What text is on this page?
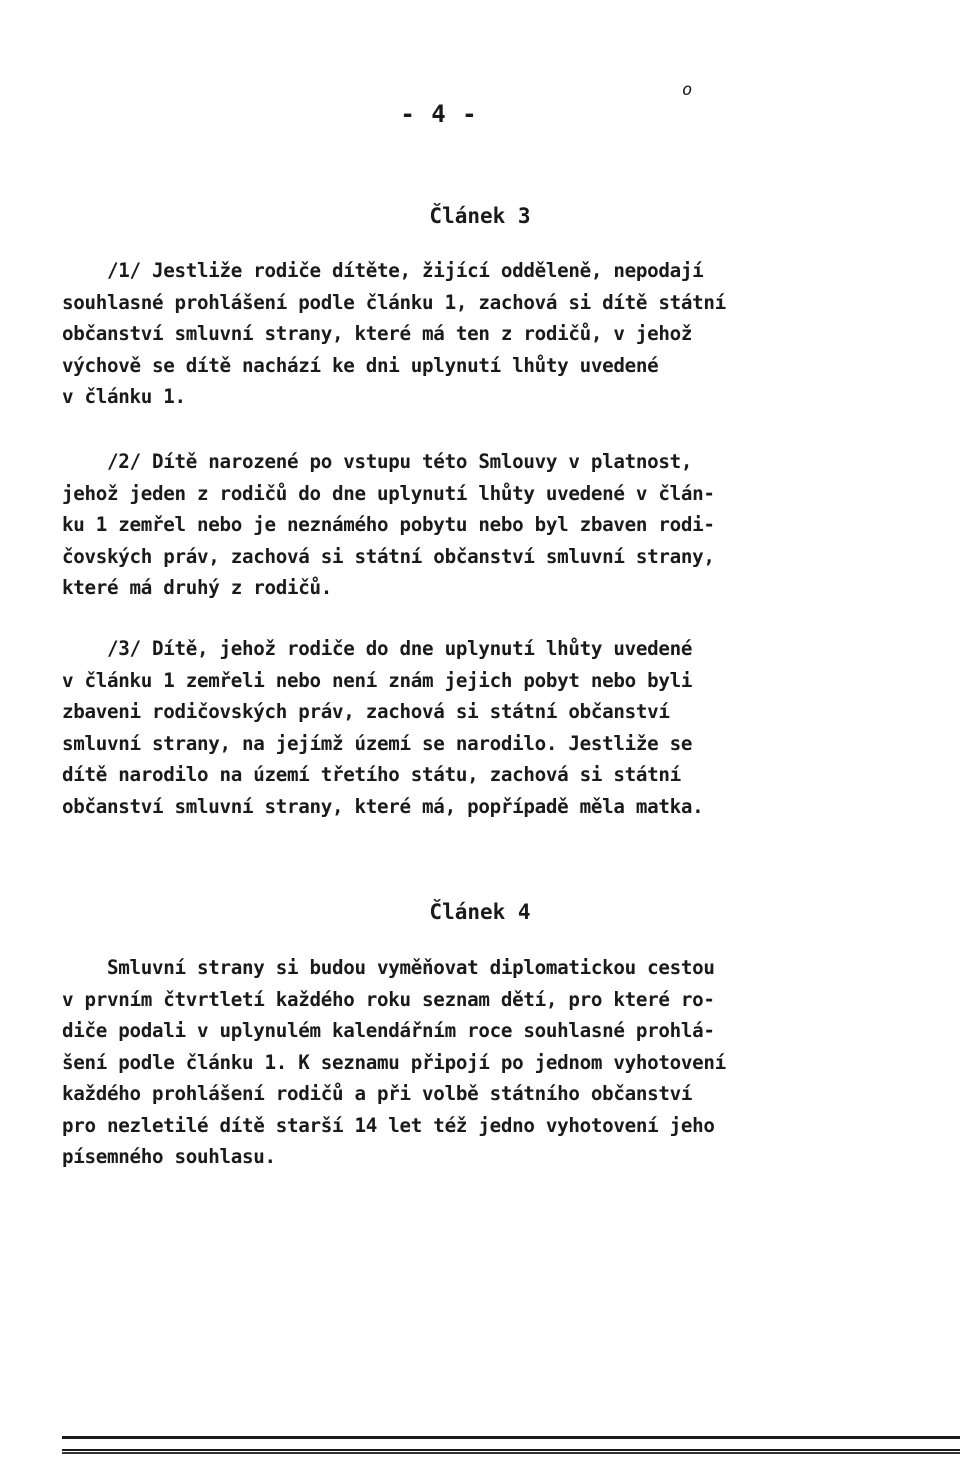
- 4 -
o
Článek 3

/1/ Jestliže rodiče dítěte, žijící odděleně, nepodají
souhlasné prohlášení podle článku 1, zachová si dítě státní
občanství smluvní strany, které má ten z rodičů, v jehož
výchově se dítě nachází ke dni uplynutí lhůty uvedené
v článku 1.

/2/ Dítě narozené po vstupu této Smlouvy v platnost,
jehož jeden z rodičů do dne uplynutí lhůty uvedené v člán-
ku 1 zemřel nebo je neznámého pobytu nebo byl zbaven rodi-
čovských práv, zachová si státní občanství smluvní strany,
které má druhý z rodičů.

/3/ Dítě, jehož rodiče do dne uplynutí lhůty uvedené
v článku 1 zemřeli nebo není znám jejich pobyt nebo byli
zbaveni rodičovských práv, zachová si státní občanství
smluvní strany, na jejímž území se narodilo. Jestliže se
dítě narodilo na území třetího státu, zachová si státní
občanství smluvní strany, které má, popřípadě měla matka.

Článek 4

Smluvní strany si budou vyměňovat diplomatickou cestou
v prvním čtvrtletí každého roku seznam dětí, pro které ro-
diče podali v uplynulém kalendářním roce souhlasné prohlá-
šení podle článku 1. K seznamu připojí po jednom vyhotovení
každého prohlášení rodičů a při volbě státního občanství
pro nezletilé dítě starší 14 let též jedno vyhotovení jeho
písemného souhlasu.
